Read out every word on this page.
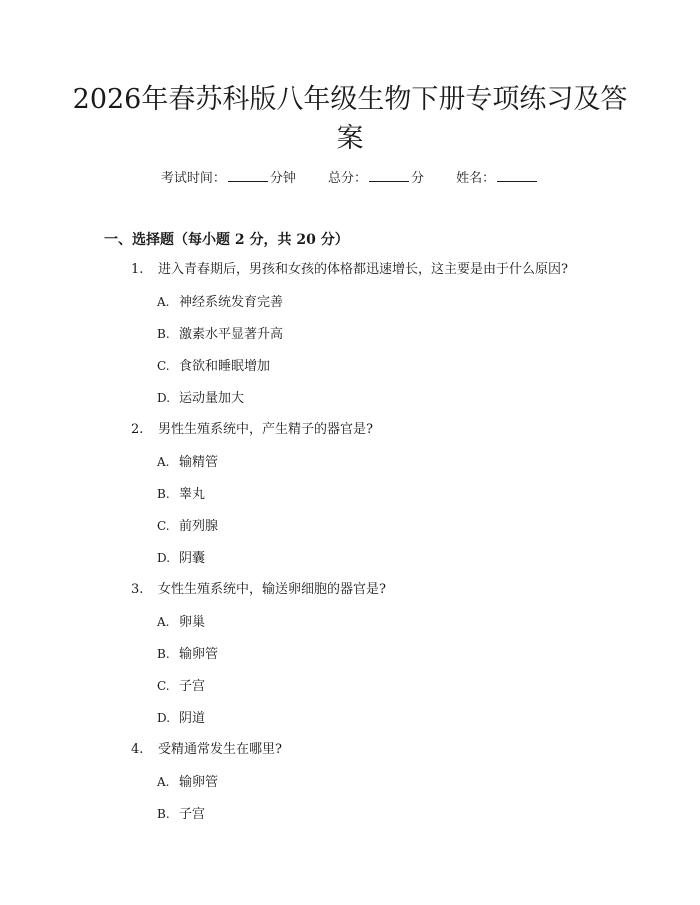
2026年春苏科版八年级生物下册专项练习及答案
考试时间：	分钟 总分：	分 姓名：
一、选择题（每小题 2 分，共 20 分）
1. 进入青春期后，男孩和女孩的体格都迅速增长，这主要是由于什么原因?
A. 神经系统发育完善
B. 激素水平显著升高
C. 食欲和睡眠增加
D. 运动量加大
2. 男性生殖系统中，产生精子的器官是?
A. 输精管
B. 睾丸
C. 前列腺
D. 阴囊
3. 女性生殖系统中，输送卵细胞的器官是?
A. 卵巢
B. 输卵管
C. 子宫
D. 阴道
4. 受精通常发生在哪里?
A. 输卵管
B. 子宫
